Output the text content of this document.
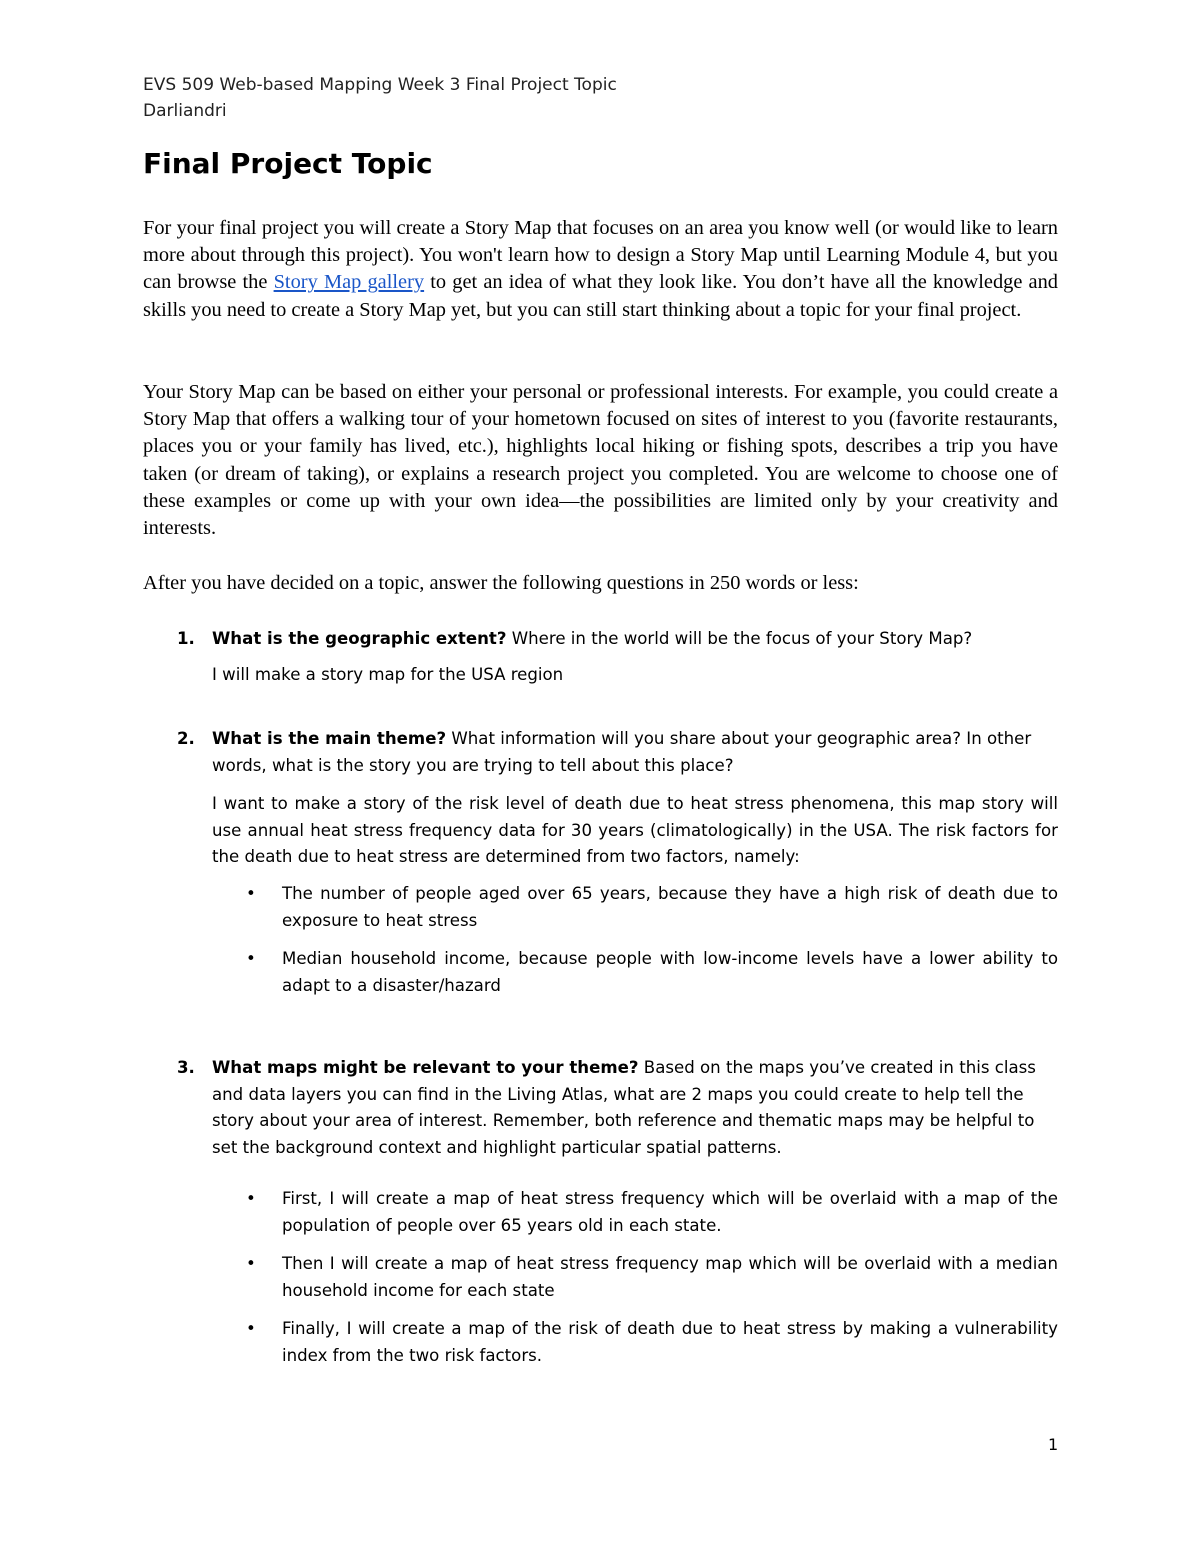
EVS 509 Web-based Mapping Week 3 Final Project Topic
Darliandri
Final Project Topic

For your final project you will create a Story Map that focuses on an area you know well (or would like to learn more about through this project). You won't learn how to design a Story Map until Learning Module 4, but you can browse the Story Map gallery to get an idea of what they look like. You don’t have all the knowledge and skills you need to create a Story Map yet, but you can still start thinking about a topic for your final project.

Your Story Map can be based on either your personal or professional interests. For example, you could create a Story Map that offers a walking tour of your hometown focused on sites of interest to you (favorite restaurants, places you or your family has lived, etc.), highlights local hiking or fishing spots, describes a trip you have taken (or dream of taking), or explains a research project you completed. You are welcome to choose one of these examples or come up with your own idea—the possibilities are limited only by your creativity and interests.

After you have decided on a topic, answer the following questions in 250 words or less:

1. What is the geographic extent? Where in the world will be the focus of your Story Map?

I will make a story map for the USA region

2. What is the main theme? What information will you share about your geographic area? In other words, what is the story you are trying to tell about this place?

I want to make a story of the risk level of death due to heat stress phenomena, this map story will use annual heat stress frequency data for 30 years (climatologically) in the USA. The risk factors for the death due to heat stress are determined from two factors, namely:

• The number of people aged over 65 years, because they have a high risk of death due to exposure to heat stress
• Median household income, because people with low-income levels have a lower ability to adapt to a disaster/hazard
3. What maps might be relevant to your theme? Based on the maps you’ve created in this class and data layers you can find in the Living Atlas, what are 2 maps you could create to help tell the story about your area of interest. Remember, both reference and thematic maps may be helpful to set the background context and highlight particular spatial patterns.
• First, I will create a map of heat stress frequency which will be overlaid with a map of the population of people over 65 years old in each state.
• Then I will create a map of heat stress frequency map which will be overlaid with a median household income for each state
• Finally, I will create a map of the risk of death due to heat stress by making a vulnerability index from the two risk factors.
1
